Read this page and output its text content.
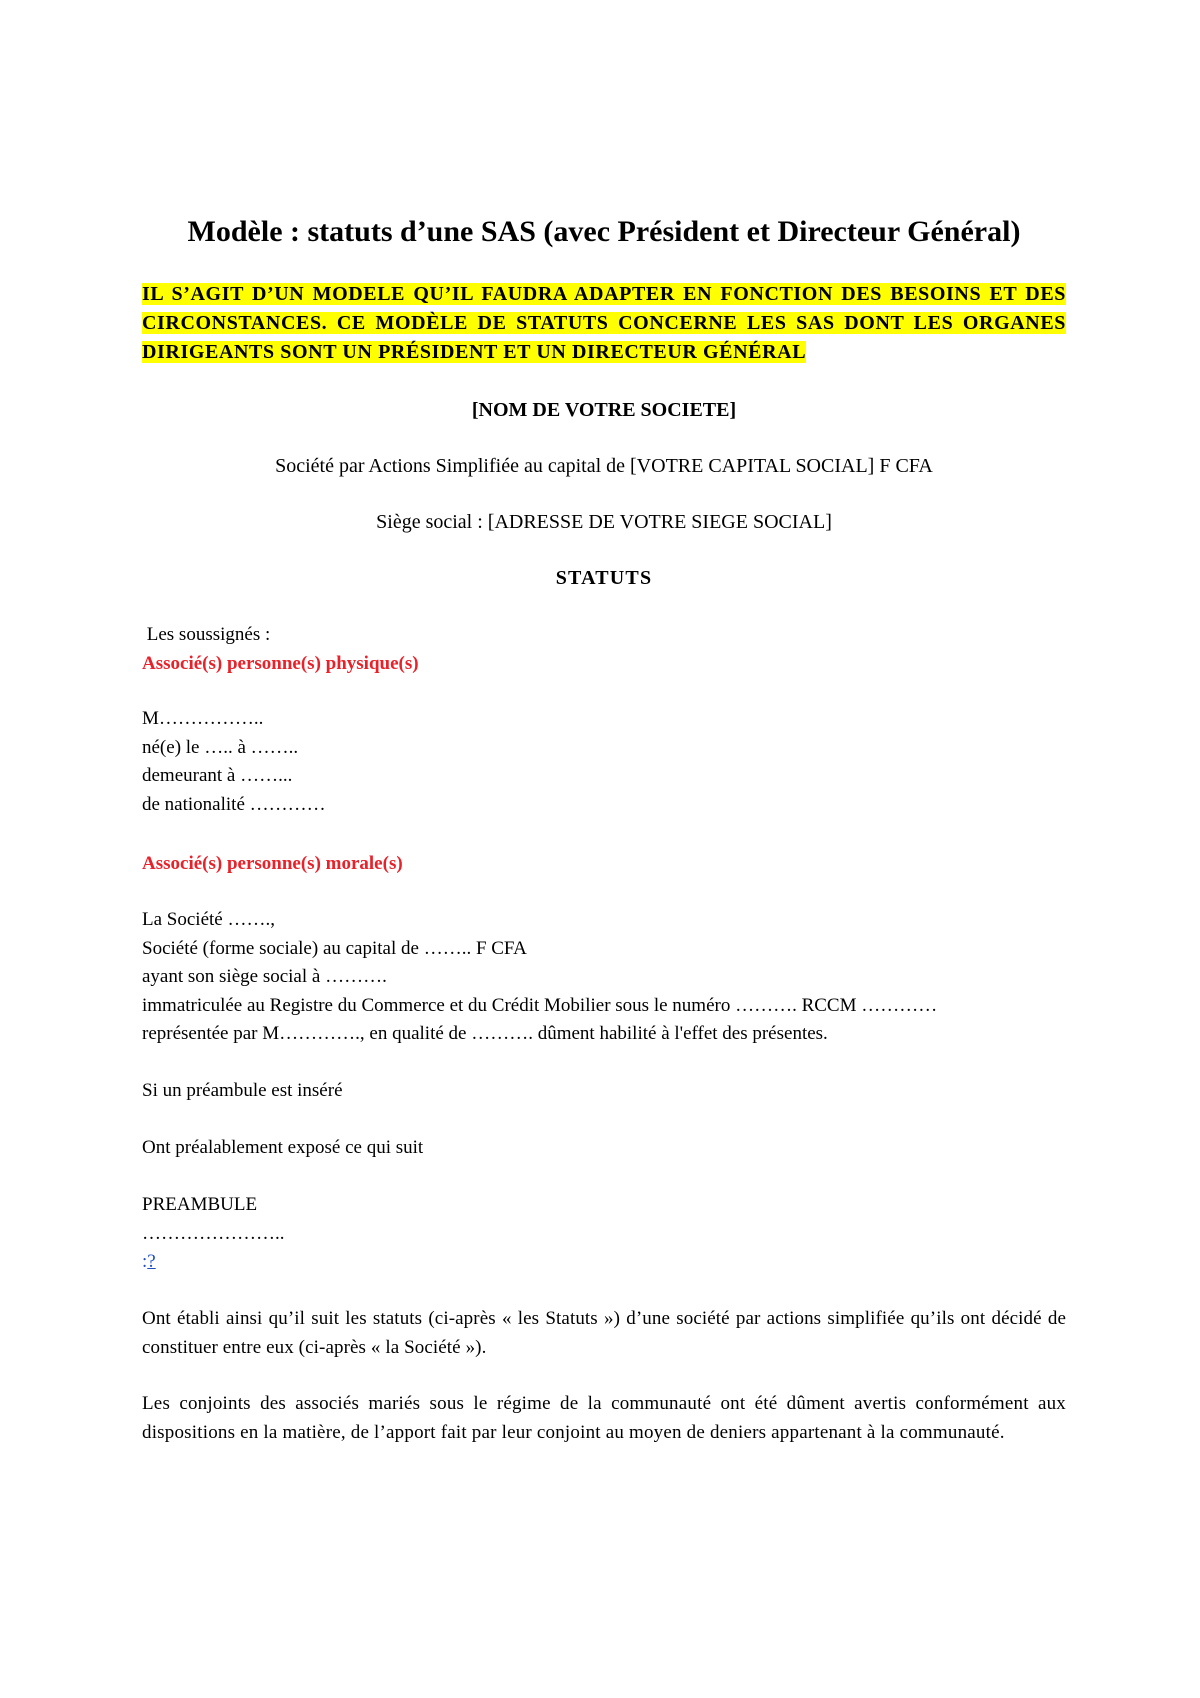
Modèle : statuts d’une SAS (avec Président et Directeur Général)

IL S’AGIT D’UN MODELE QU’IL FAUDRA ADAPTER EN FONCTION DES BESOINS ET DES CIRCONSTANCES. CE MODÈLE DE STATUTS CONCERNE LES SAS DONT LES ORGANES DIRIGEANTS SONT UN PRÉSIDENT ET UN DIRECTEUR GÉNÉRAL

[NOM DE VOTRE SOCIETE]

Société par Actions Simplifiée au capital de [VOTRE CAPITAL SOCIAL] F CFA

Siège social : [ADRESSE DE VOTRE SIEGE SOCIAL]

STATUTS

Les soussignés :

Associé(s) personne(s) physique(s)

M……………..

né(e) le ….. à ……..

demeurant à ……...

de nationalité …………

Associé(s) personne(s) morale(s)

La Société …….,

Société (forme sociale) au capital de …….. F CFA

ayant son siège social à ……….

immatriculée au Registre du Commerce et du Crédit Mobilier sous le numéro ………. RCCM …………

représentée par M…………., en qualité de ………. dûment habilité à l'effet des présentes.

Si un préambule est inséré

Ont préalablement exposé ce qui suit

PREAMBULE

…………………..

:?

Ont établi ainsi qu’il suit les statuts (ci-après « les Statuts ») d’une société par actions simplifiée qu’ils ont décidé de constituer entre eux (ci-après « la Société »).

Les conjoints des associés mariés sous le régime de la communauté ont été dûment avertis conformément aux dispositions en la matière, de l’apport fait par leur conjoint au moyen de deniers appartenant à la communauté.
